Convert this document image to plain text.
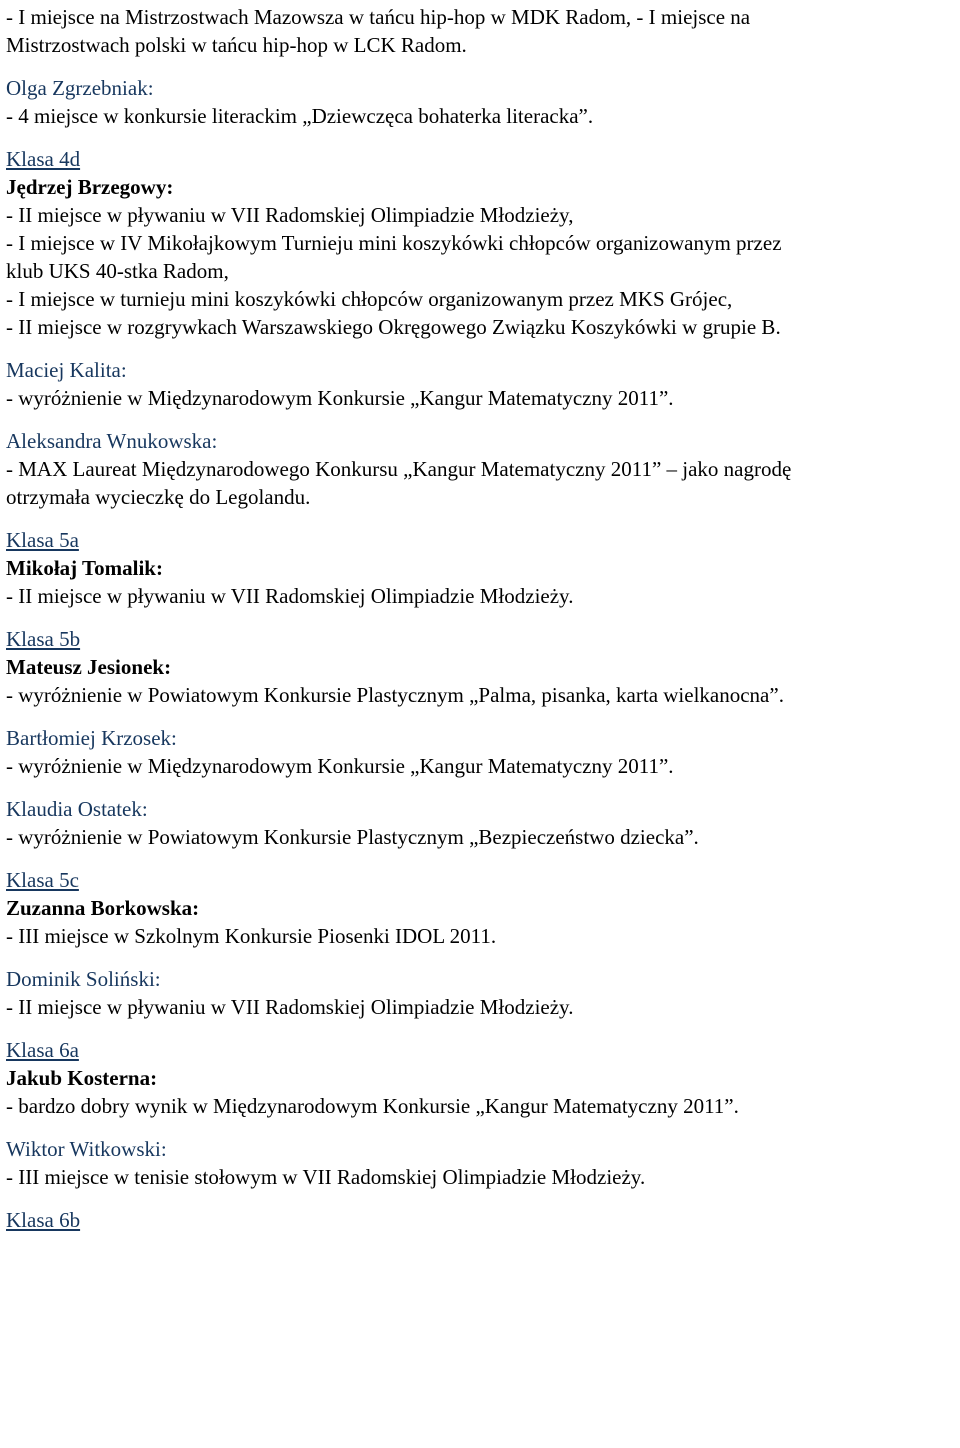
- I miejsce na Mistrzostwach Mazowsza w tańcu hip-hop w MDK Radom, - I miejsce na
Mistrzostwach polski w tańcu hip-hop w LCK Radom.
Olga Zgrzebniak:
- 4 miejsce w konkursie literackim „Dziewczęca bohaterka literacka”.
Klasa 4d
Jędrzej Brzegowy:
- II miejsce w pływaniu w VII Radomskiej Olimpiadzie Młodzieży,
- I miejsce w IV Mikołajkowym Turnieju mini koszykówki chłopców organizowanym przez
klub UKS 40-stka Radom,
- I miejsce w turnieju mini koszykówki chłopców organizowanym przez MKS Grójec,
- II miejsce w rozgrywkach Warszawskiego Okręgowego Związku Koszykówki w grupie B.
Maciej Kalita:
- wyróżnienie w Międzynarodowym Konkursie „Kangur Matematyczny 2011”.
Aleksandra Wnukowska:
- MAX Laureat Międzynarodowego Konkursu „Kangur Matematyczny 2011” – jako nagrodę
otrzymała wycieczkę do Legolandu.
Klasa 5a
Mikołaj Tomalik:
- II miejsce w pływaniu w VII Radomskiej Olimpiadzie Młodzieży.
Klasa 5b
Mateusz Jesionek:
- wyróżnienie w Powiatowym Konkursie Plastycznym „Palma, pisanka, karta wielkanocna”.
Bartłomiej Krzosek:
- wyróżnienie w Międzynarodowym Konkursie „Kangur Matematyczny 2011”.
Klaudia Ostatek:
- wyróżnienie w Powiatowym Konkursie Plastycznym „Bezpieczeństwo dziecka”.
Klasa 5c
Zuzanna Borkowska:
- III miejsce w Szkolnym Konkursie Piosenki IDOL 2011.
Dominik Soliński:
- II miejsce w pływaniu w VII Radomskiej Olimpiadzie Młodzieży.
Klasa 6a
Jakub Kosterna:
- bardzo dobry wynik w Międzynarodowym Konkursie „Kangur Matematyczny 2011”.
Wiktor Witkowski:
- III miejsce w tenisie stołowym w VII Radomskiej Olimpiadzie Młodzieży.
Klasa 6b
